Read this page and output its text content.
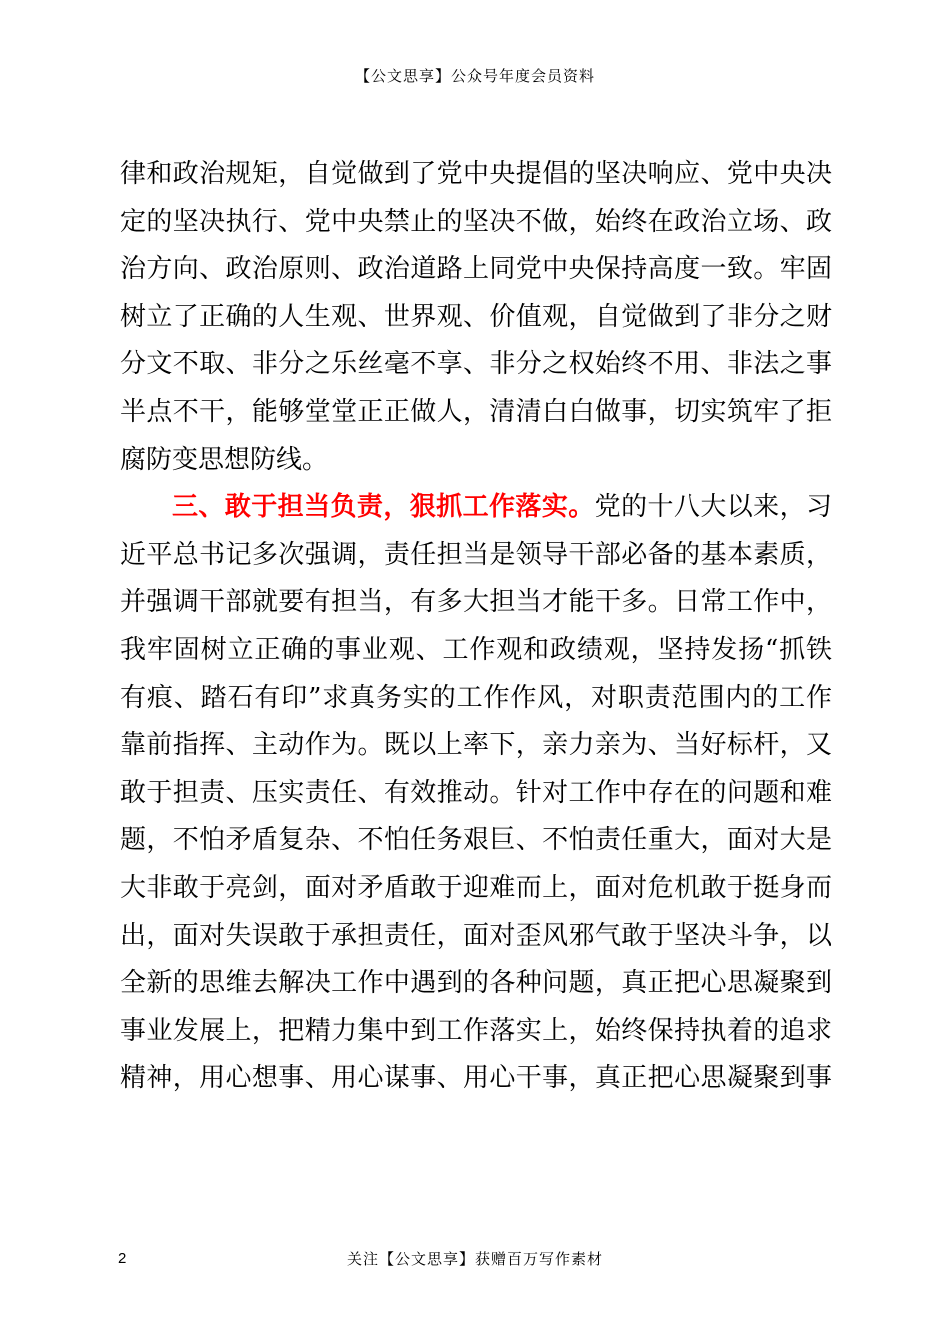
【公文思享】公众号年度会员资料
律和政治规矩，自觉做到了党中央提倡的坚决响应、党中央决
定的坚决执行、党中央禁止的坚决不做，始终在政治立场、政
治方向、政治原则、政治道路上同党中央保持高度一致。牢固
树立了正确的人生观、世界观、价值观，自觉做到了非分之财
分文不取、非分之乐丝毫不享、非分之权始终不用、非法之事
半点不干，能够堂堂正正做人，清清白白做事，切实筑牢了拒
腐防变思想防线。
三、敢于担当负责，狠抓工作落实。党的十八大以来，习
近平总书记多次强调，责任担当是领导干部必备的基本素质，
并强调干部就要有担当，有多大担当才能干多。日常工作中，
我牢固树立正确的事业观、工作观和政绩观，坚持发扬“抓铁
有痕、踏石有印”求真务实的工作作风，对职责范围内的工作
靠前指挥、主动作为。既以上率下，亲力亲为、当好标杆，又
敢于担责、压实责任、有效推动。针对工作中存在的问题和难
题，不怕矛盾复杂、不怕任务艰巨、不怕责任重大，面对大是
大非敢于亮剑，面对矛盾敢于迎难而上，面对危机敢于挺身而
出，面对失误敢于承担责任，面对歪风邪气敢于坚决斗争，以
全新的思维去解决工作中遇到的各种问题，真正把心思凝聚到
事业发展上，把精力集中到工作落实上，始终保持执着的追求
精神，用心想事、用心谋事、用心干事，真正把心思凝聚到事
2	关注【公文思享】获赠百万写作素材
